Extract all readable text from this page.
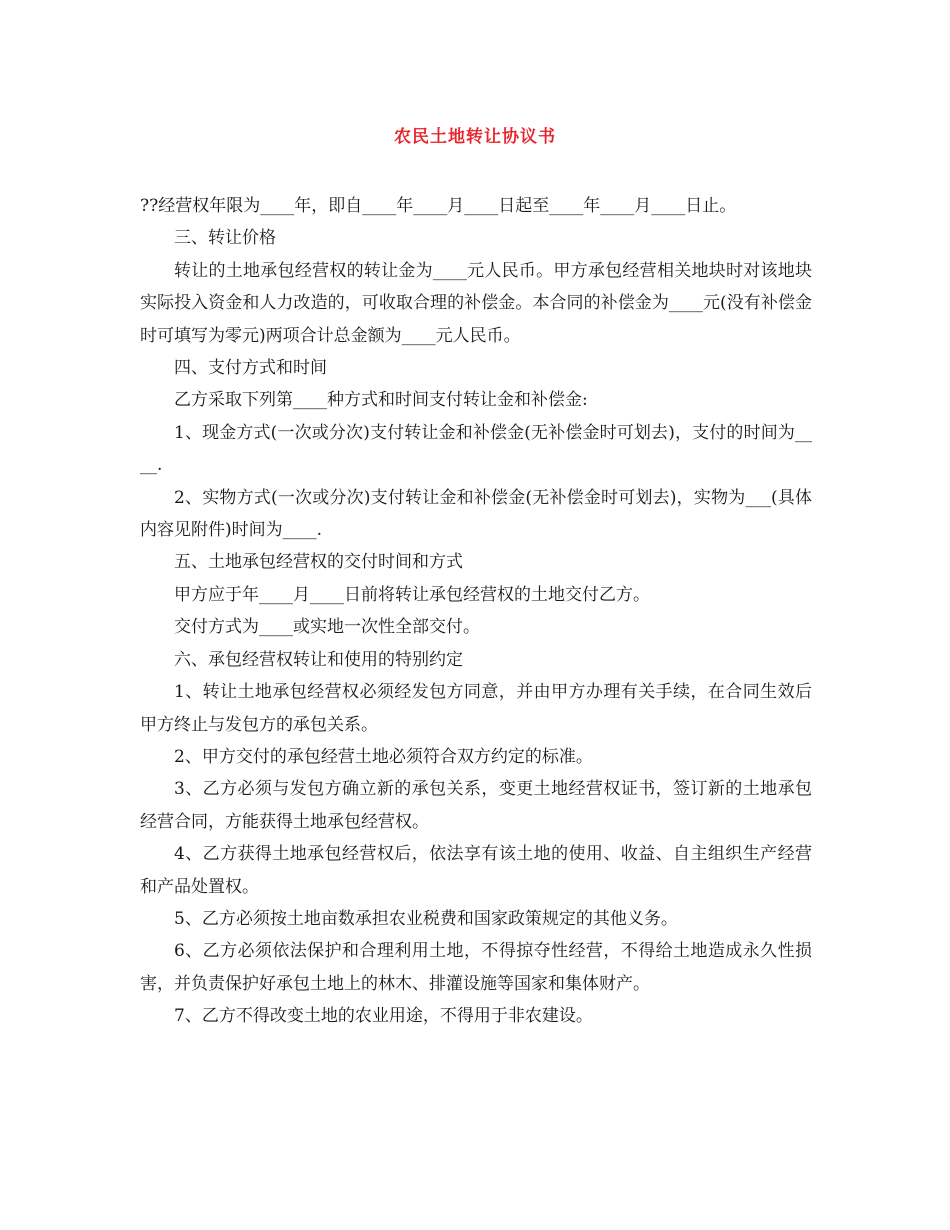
农民土地转让协议书

??经营权年限为____年，即自____年____月____日起至____年____月____日止。

三、转让价格

转让的土地承包经营权的转让金为____元人民币。甲方承包经营相关地块时对该地块实际投入资金和人力改造的，可收取合理的补偿金。本合同的补偿金为____元(没有补偿金时可填写为零元)两项合计总金额为____元人民币。

四、支付方式和时间

乙方采取下列第____种方式和时间支付转让金和补偿金:

1、现金方式(一次或分次)支付转让金和补偿金(无补偿金时可划去)，支付的时间为____.

2、实物方式(一次或分次)支付转让金和补偿金(无补偿金时可划去)，实物为___(具体内容见附件)时间为____.

五、土地承包经营权的交付时间和方式

甲方应于年____月____日前将转让承包经营权的土地交付乙方。

交付方式为____或实地一次性全部交付。

六、承包经营权转让和使用的特别约定

1、转让土地承包经营权必须经发包方同意，并由甲方办理有关手续，在合同生效后甲方终止与发包方的承包关系。

2、甲方交付的承包经营土地必须符合双方约定的标准。

3、乙方必须与发包方确立新的承包关系，变更土地经营权证书，签订新的土地承包经营合同，方能获得土地承包经营权。

4、乙方获得土地承包经营权后，依法享有该土地的使用、收益、自主组织生产经营和产品处置权。

5、乙方必须按土地亩数承担农业税费和国家政策规定的其他义务。

6、乙方必须依法保护和合理利用土地，不得掠夺性经营，不得给土地造成永久性损害，并负责保护好承包土地上的林木、排灌设施等国家和集体财产。

7、乙方不得改变土地的农业用途，不得用于非农建设。
